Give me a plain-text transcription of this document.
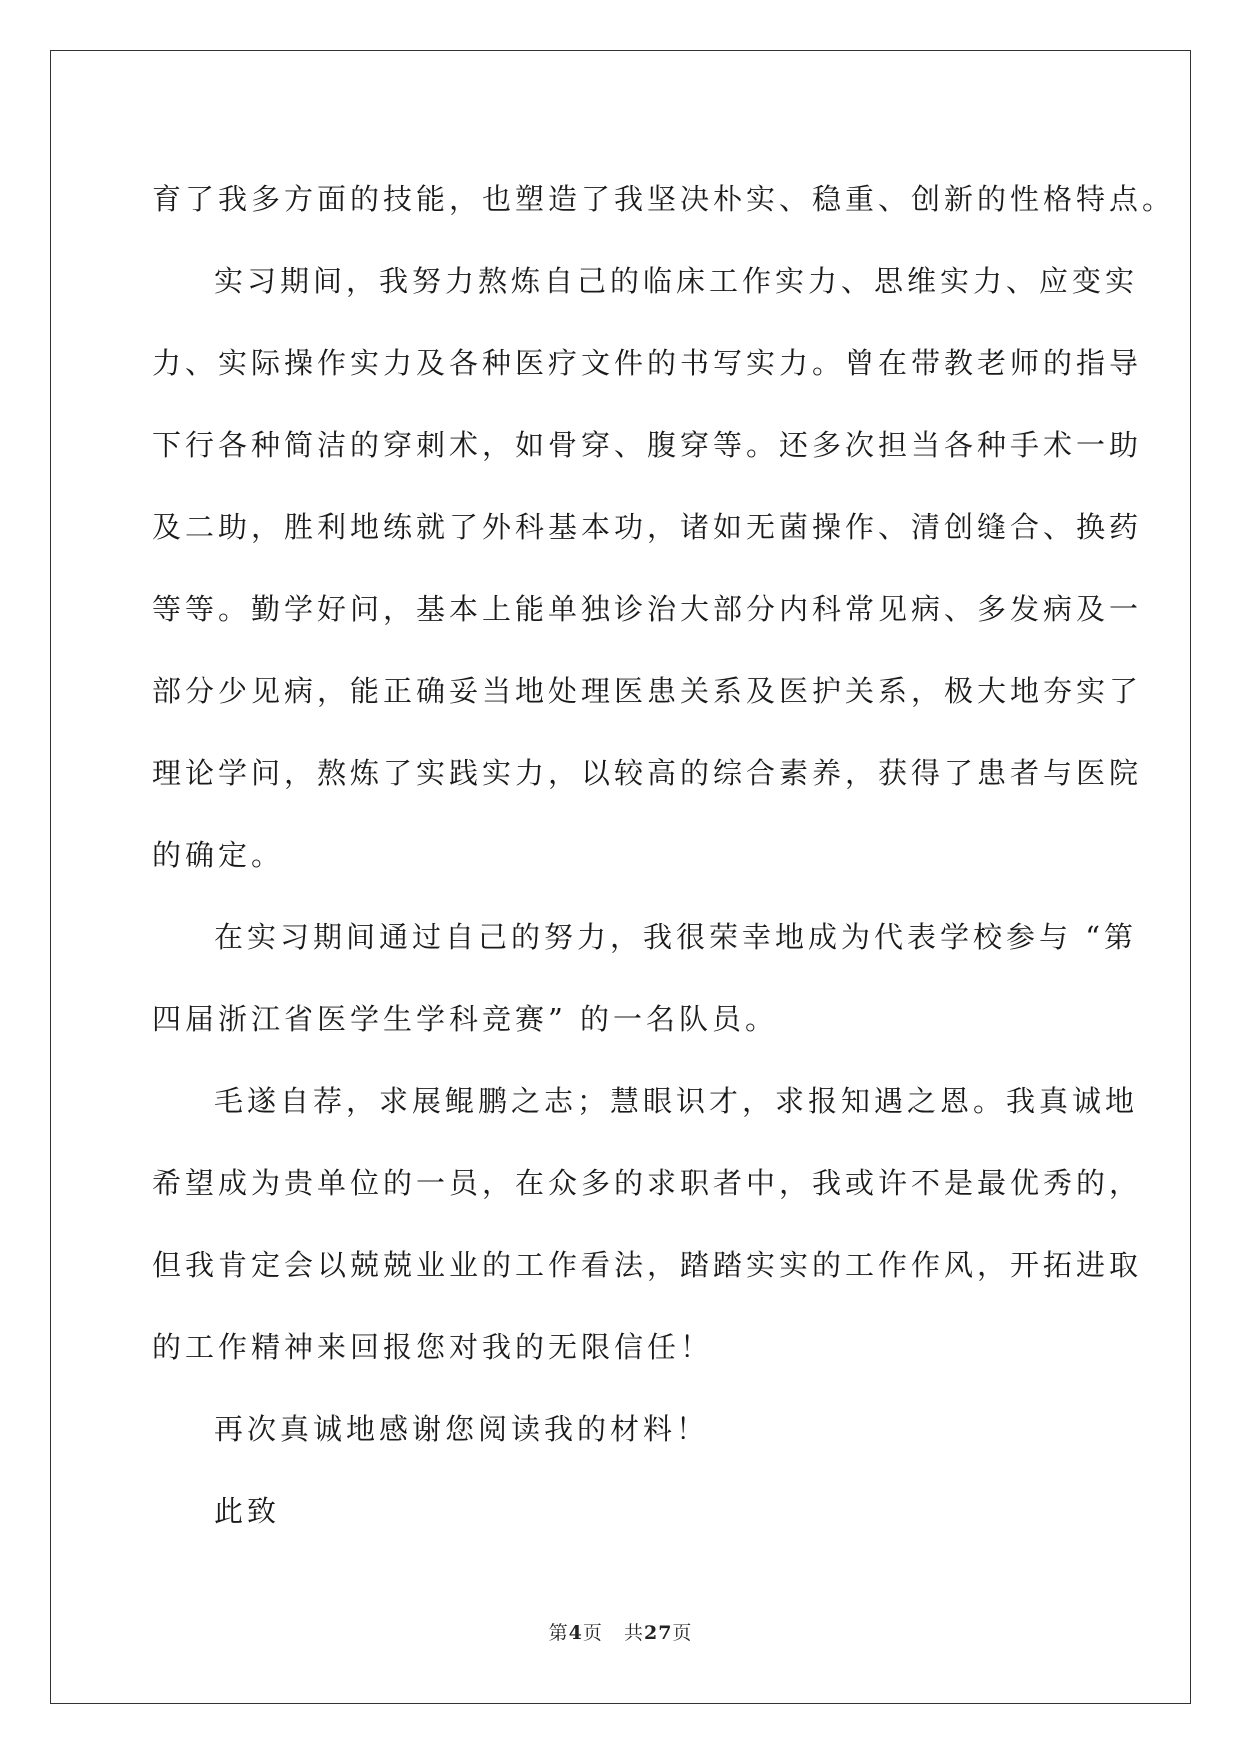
育了我多方面的技能，也塑造了我坚决朴实、稳重、创新的性格特点。
实习期间，我努力熬炼自己的临床工作实力、思维实力、应变实
力、实际操作实力及各种医疗文件的书写实力。曾在带教老师的指导
下行各种简洁的穿刺术，如骨穿、腹穿等。还多次担当各种手术一助
及二助，胜利地练就了外科基本功，诸如无菌操作、清创缝合、换药
等等。勤学好问，基本上能单独诊治大部分内科常见病、多发病及一
部分少见病，能正确妥当地处理医患关系及医护关系，极大地夯实了
理论学问，熬炼了实践实力，以较高的综合素养，获得了患者与医院
的确定。
在实习期间通过自己的努力，我很荣幸地成为代表学校参与 “第
四届浙江省医学生学科竞赛” 的一名队员。
毛遂自荐，求展鲲鹏之志；慧眼识才，求报知遇之恩。我真诚地
希望成为贵单位的一员，在众多的求职者中，我或许不是最优秀的，
但我肯定会以兢兢业业的工作看法，踏踏实实的工作作风，开拓进取
的工作精神来回报您对我的无限信任！
再次真诚地感谢您阅读我的材料！
此致
第4页 共27页
